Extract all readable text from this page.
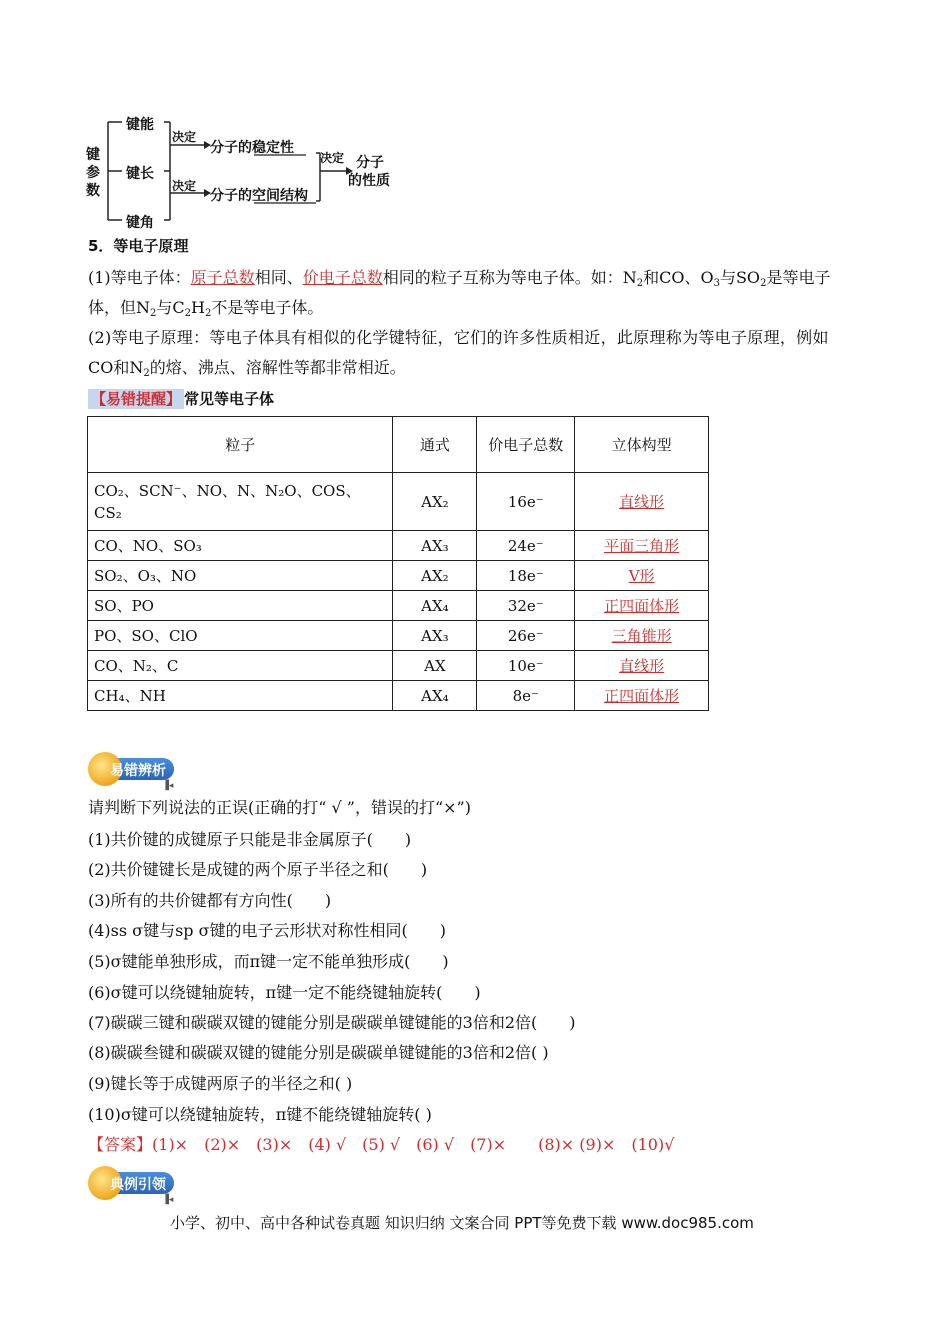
键参数
键能
键长
键角
决定
决定
分子的稳定性
分子的空间结构
决定 分子
的性质
5．等电子原理
(1)等电子体：原子总数相同、价电子总数相同的粒子互称为等电子体。如：$N_2$和CO、$O_3$与$SO_2$是等电子
体，但$N_2$与$C_2H_2$不是等电子体。
(2)等电子原理：等电子体具有相似的化学键特征，它们的许多性质相近，此原理称为等电子原理，例如
CO和$N_2$的熔、沸点、溶解性等都非常相近。
【易错提醒】 常见等电子体
粒子	通式	价电子总数	立体构型
CO₂、SCN⁻、NO、N、N₂O、COS、CS₂	AX₂	16e⁻	直线形
CO、NO、SO₃	AX₃	24e⁻	平面三角形
SO₂、O₃、NO	AX₂	18e⁻	V形
SO、PO	AX₄	32e⁻	正四面体形
PO、SO、ClO	AX₃	26e⁻	三角锥形
CO、N₂、C	AX	10e⁻	直线形
CH₄、NH	AX₄	8e⁻	正四面体形
易错辨析
▐◂
请判断下列说法的正误(正确的打“ √ ”，错误的打“×”)
(1)共价键的成键原子只能是非金属原子(　　)
(2)共价键键长是成键的两个原子半径之和(　　)
(3)所有的共价键都有方向性(　　)
(4)ss σ键与sp σ键的电子云形状对称性相同(　　)
(5)σ键能单独形成，而π键一定不能单独形成(　　)
(6)σ键可以绕键轴旋转，π键一定不能绕键轴旋转(　　)
(7)碳碳三键和碳碳双键的键能分别是碳碳单键键能的3倍和2倍(　　)
(8)碳碳叁键和碳碳双键的键能分别是碳碳单键键能的3倍和2倍( )
(9)键长等于成键两原子的半径之和( )
(10)σ键可以绕键轴旋转，π键不能绕键轴旋转( )
【答案】(1)×　(2)×　(3)×　(4) √　(5) √　(6) √　(7)×　　(8)× (9)×　(10)√
典例引领
▐◂
小学、初中、高中各种试卷真题 知识归纳 文案合同 PPT等免费下载 www.doc985.com
